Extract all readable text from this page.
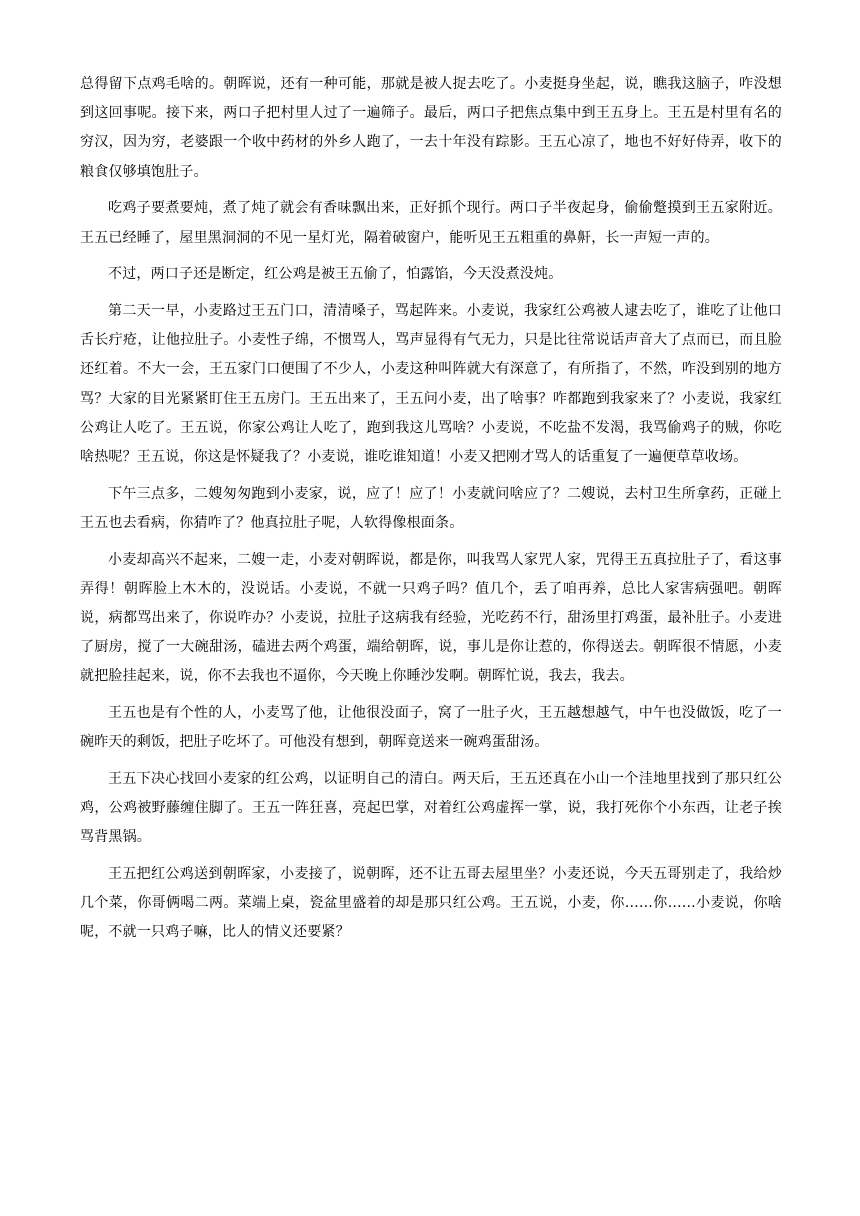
总得留下点鸡毛啥的。朝晖说，还有一种可能，那就是被人捉去吃了。小麦挺身坐起，说，瞧我这脑子，咋没想到这回事呢。接下来，两口子把村里人过了一遍筛子。最后，两口子把焦点集中到王五身上。王五是村里有名的穷汉，因为穷，老婆跟一个收中药材的外乡人跑了，一去十年没有踪影。王五心凉了，地也不好好侍弄，收下的粮食仅够填饱肚子。

吃鸡子要煮要炖，煮了炖了就会有香味飘出来，正好抓个现行。两口子半夜起身，偷偷蹩摸到王五家附近。王五已经睡了，屋里黑洞洞的不见一星灯光，隔着破窗户，能听见王五粗重的鼻鼾，长一声短一声的。

不过，两口子还是断定，红公鸡是被王五偷了，怕露馅，今天没煮没炖。

第二天一早，小麦路过王五门口，清清嗓子，骂起阵来。小麦说，我家红公鸡被人逮去吃了，谁吃了让他口舌长疔疮，让他拉肚子。小麦性子绵，不惯骂人，骂声显得有气无力，只是比往常说话声音大了点而已，而且脸还红着。不大一会，王五家门口便围了不少人，小麦这种叫阵就大有深意了，有所指了，不然，咋没到别的地方骂？大家的目光紧紧盯住王五房门。王五出来了，王五问小麦，出了啥事？咋都跑到我家来了？小麦说，我家红公鸡让人吃了。王五说，你家公鸡让人吃了，跑到我这儿骂啥？小麦说，不吃盐不发渴，我骂偷鸡子的贼，你吃啥热呢？王五说，你这是怀疑我了？小麦说，谁吃谁知道！小麦又把刚才骂人的话重复了一遍便草草收场。

下午三点多，二嫂匆匆跑到小麦家，说，应了！应了！小麦就问啥应了？二嫂说，去村卫生所拿药，正碰上王五也去看病，你猜咋了？他真拉肚子呢，人软得像根面条。

小麦却高兴不起来，二嫂一走，小麦对朝晖说，都是你，叫我骂人家咒人家，咒得王五真拉肚子了，看这事弄得！朝晖脸上木木的，没说话。小麦说，不就一只鸡子吗？值几个，丢了咱再养，总比人家害病强吧。朝晖说，病都骂出来了，你说咋办？小麦说，拉肚子这病我有经验，光吃药不行，甜汤里打鸡蛋，最补肚子。小麦进了厨房，搅了一大碗甜汤，磕进去两个鸡蛋，端给朝晖，说，事儿是你让惹的，你得送去。朝晖很不情愿，小麦就把脸挂起来，说，你不去我也不逼你，今天晚上你睡沙发啊。朝晖忙说，我去，我去。

王五也是有个性的人，小麦骂了他，让他很没面子，窝了一肚子火，王五越想越气，中午也没做饭，吃了一碗昨天的剩饭，把肚子吃坏了。可他没有想到，朝晖竟送来一碗鸡蛋甜汤。

王五下决心找回小麦家的红公鸡，以证明自己的清白。两天后，王五还真在小山一个洼地里找到了那只红公鸡，公鸡被野藤缠住脚了。王五一阵狂喜，亮起巴掌，对着红公鸡虚挥一掌，说，我打死你个小东西，让老子挨骂背黑锅。

王五把红公鸡送到朝晖家，小麦接了，说朝晖，还不让五哥去屋里坐？小麦还说，今天五哥别走了，我给炒几个菜，你哥俩喝二两。菜端上桌，瓷盆里盛着的却是那只红公鸡。王五说，小麦，你……你……小麦说，你啥呢，不就一只鸡子嘛，比人的情义还要紧？
